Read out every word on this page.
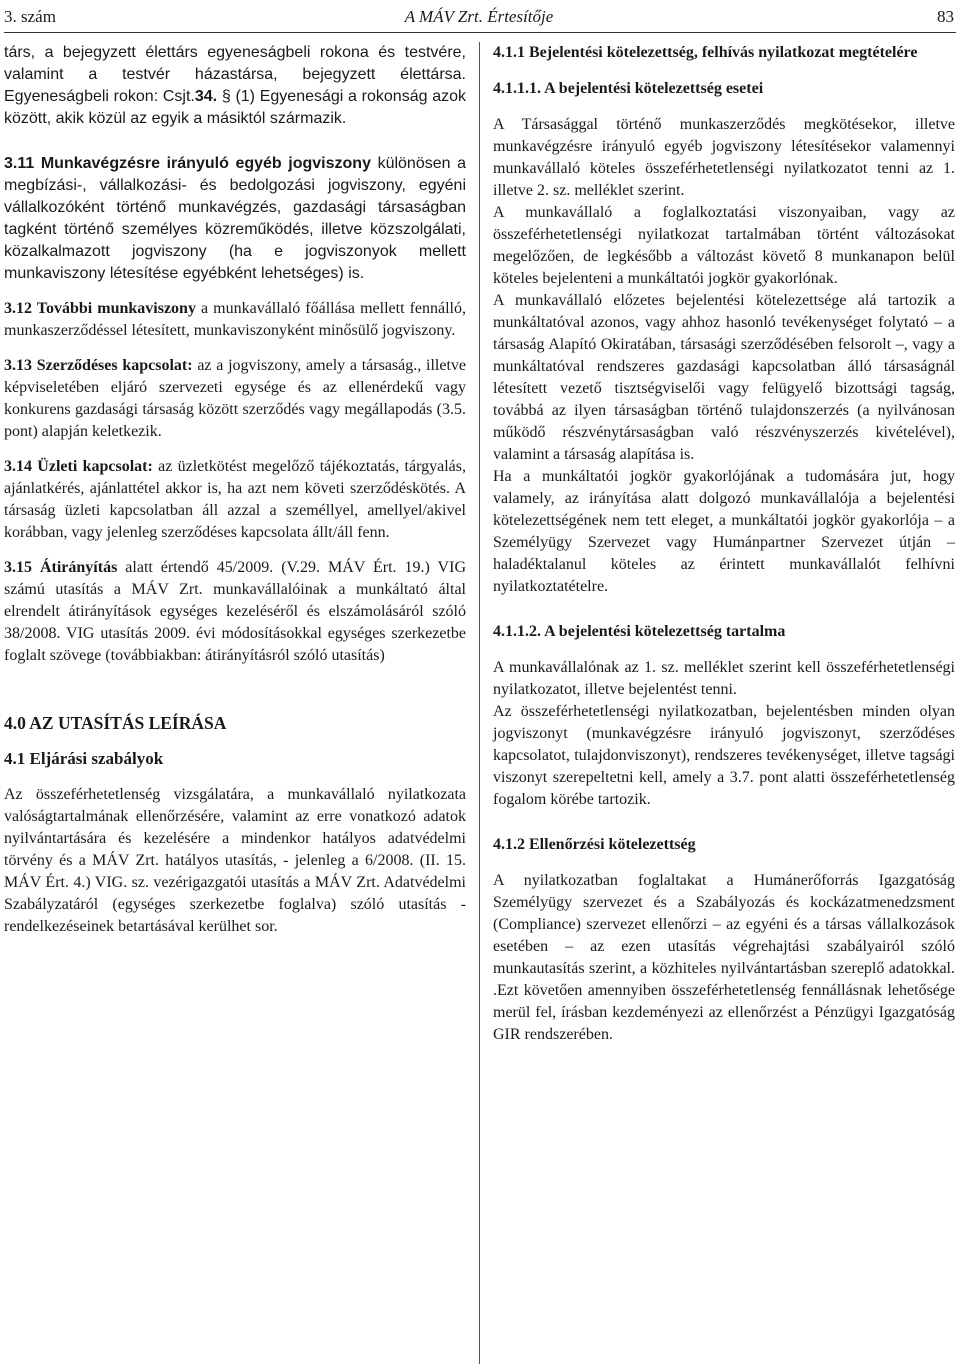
3. szám	A MÁV Zrt. Értesítője	83

társ, a bejegyzett élettárs egyeneságbeli rokona és testvére, valamint a testvér házastársa, bejegyzett élettársa. Egyeneságbeli rokon: Csjt.34. § (1) Egyenesági a rokonság azok között, akik közül az egyik a másiktól származik.

3.11 Munkavégzésre irányuló egyéb jogviszony különösen a megbízási-, vállalkozási- és bedolgozási jogviszony, egyéni vállalkozóként történő munkavégzés, gazdasági társaságban tagként történő személyes közreműködés, illetve közszolgálati, közalkalmazott jogviszony (ha e jogviszonyok mellett munkaviszony létesítése egyébként lehetséges) is.

3.12 További munkaviszony a munkavállaló főállása mellett fennálló, munkaszerződéssel létesített, munkaviszonyként minősülő jogviszony.

3.13 Szerződéses kapcsolat: az a jogviszony, amely a társaság., illetve képviseletében eljáró szervezeti egysége és az ellenérdekű vagy konkurens gazdasági társaság között szerződés vagy megállapodás (3.5. pont) alapján keletkezik.

3.14 Üzleti kapcsolat: az üzletkötést megelőző tájékoztatás, tárgyalás, ajánlatkérés, ajánlattétel akkor is, ha azt nem követi szerződéskötés. A társaság üzleti kapcsolatban áll azzal a személlyel, amellyel/akivel korábban, vagy jelenleg szerződéses kapcsolata állt/áll fenn.

3.15 Átirányítás alatt értendő 45/2009. (V.29. MÁV Ért. 19.) VIG számú utasítás a MÁV Zrt. munkavállalóinak a munkáltató által elrendelt átirányítások egységes kezeléséről és elszámolásáról szóló 38/2008. VIG utasítás 2009. évi módosításokkal egységes szerkezetbe foglalt szövege (továbbiakban: átirányításról szóló utasítás)

4.0 AZ UTASÍTÁS LEÍRÁSA
4.1 Eljárási szabályok

Az összeférhetetlenség vizsgálatára, a munkavállaló nyilatkozata valóságtartalmának ellenőrzésére, valamint az erre vonatkozó adatok nyilvántartására és kezelésére a mindenkor hatályos adatvédelmi törvény és a MÁV Zrt. hatályos utasítás, - jelenleg a 6/2008. (II. 15. MÁV Ért. 4.) VIG. sz. vezérigazgatói utasítás a MÁV Zrt. Adatvédelmi Szabályzatáról (egységes szerkezetbe foglalva) szóló utasítás - rendelkezéseinek betartásával kerülhet sor.

4.1.1 Bejelentési kötelezettség, felhívás nyilatkozat megtételére
4.1.1.1. A bejelentési kötelezettség esetei

A Társasággal történő munkaszerződés megkötésekor, illetve munkavégzésre irányuló egyéb jogviszony létesítésekor valamennyi munkavállaló köteles összeférhetetlenségi nyilatkozatot tenni az 1. illetve 2. sz. melléklet szerint.

A munkavállaló a foglalkoztatási viszonyaiban, vagy az összeférhetetlenségi nyilatkozat tartalmában történt változásokat megelőzően, de legkésőbb a változást követő 8 munkanapon belül köteles bejelenteni a munkáltatói jogkör gyakorlónak.

A munkavállaló előzetes bejelentési kötelezettsége alá tartozik a munkáltatóval azonos, vagy ahhoz hasonló tevékenységet folytató – a társaság Alapító Okiratában, társasági szerződésében felsorolt –, vagy a munkáltatóval rendszeres gazdasági kapcsolatban álló társaságnál létesített vezető tisztségviselői vagy felügyelő bizottsági tagság, továbbá az ilyen társaságban történő tulajdonszerzés (a nyilvánosan működő részvénytársaságban való részvényszerzés kivételével), valamint a társaság alapítása is.

Ha a munkáltatói jogkör gyakorlójának a tudomására jut, hogy valamely, az irányítása alatt dolgozó munkavállalója a bejelentési kötelezettségének nem tett eleget, a munkáltatói jogkör gyakorlója – a Személyügy Szervezet vagy Humánpartner Szervezet útján – haladéktalanul köteles az érintett munkavállalót felhívni nyilatkoztatételre.

4.1.1.2. A bejelentési kötelezettség tartalma

A munkavállalónak az 1. sz. melléklet szerint kell összeférhetetlenségi nyilatkozatot, illetve bejelentést tenni.

Az összeférhetetlenségi nyilatkozatban, bejelentésben minden olyan jogviszonyt (munkavégzésre irányuló jogviszonyt, szerződéses kapcsolatot, tulajdonviszonyt), rendszeres tevékenységet, illetve tagsági viszonyt szerepeltetni kell, amely a 3.7. pont alatti összeférhetetlenség fogalom körébe tartozik.

4.1.2 Ellenőrzési kötelezettség

A nyilatkozatban foglaltakat a Humánerőforrás Igazgatóság Személyügy szervezet és a Szabályozás és kockázatmenedzsment (Compliance) szervezet ellenőrzi – az egyéni és a társas vállalkozások esetében – az ezen utasítás végrehajtási szabályairól szóló munkautasítás szerint, a közhiteles nyilvántartásban szereplő adatokkal. .Ezt követően amennyiben összeférhetetlenség fennállásnak lehetősége merül fel, írásban kezdeményezi az ellenőrzést a Pénzügyi Igazgatóság GIR rendszerében.
